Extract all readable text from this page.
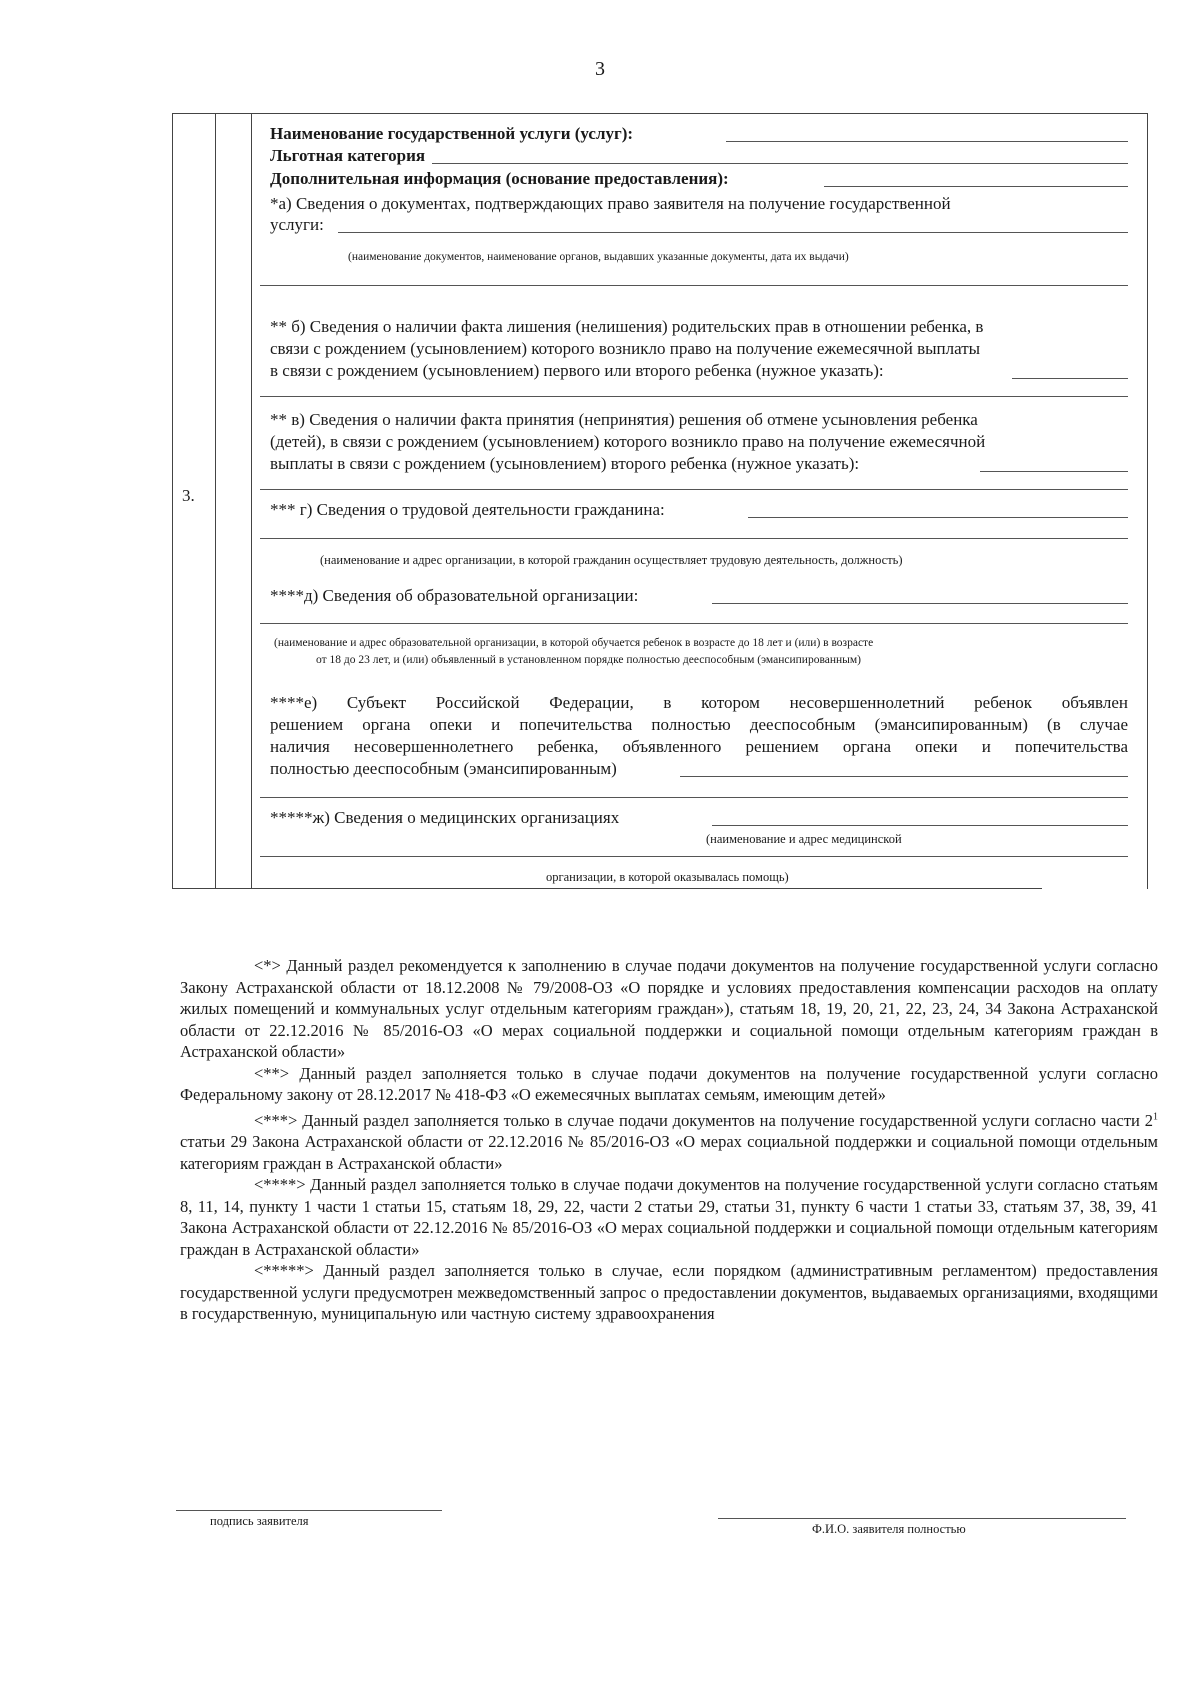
3
3.
Наименование государственной услуги (услуг):
Льготная категория
Дополнительная информация (основание предоставления):
*а) Сведения о документах, подтверждающих право заявителя на получение государственной
услуги:
(наименование документов, наименование органов, выдавших указанные документы, дата их выдачи)
** б) Сведения о наличии факта лишения (нелишения) родительских прав в отношении ребенка, в
связи с рождением (усыновлением) которого возникло право на получение ежемесячной выплаты
в связи с рождением (усыновлением) первого или второго ребенка (нужное указать):
** в) Сведения о наличии факта принятия (непринятия) решения об отмене усыновления ребенка
(детей), в связи с рождением (усыновлением) которого возникло право на получение ежемесячной
выплаты в связи с рождением (усыновлением) второго ребенка (нужное указать):
*** г) Сведения о трудовой деятельности гражданина:
(наименование и адрес организации, в которой гражданин осуществляет трудовую деятельность, должность)
****д) Сведения об образовательной организации:
(наименование и адрес образовательной организации, в которой обучается ребенок в возрасте до 18 лет и (или) в возрасте
от 18 до 23 лет, и (или) объявленный в установленном порядке полностью дееспособным (эмансипированным)
****е) Субъект Российской Федерации, в котором несовершеннолетний ребенок объявлен
решением органа опеки и попечительства полностью дееспособным (эмансипированным) (в случае
наличия несовершеннолетнего ребенка, объявленного решением органа опеки и попечительства
полностью дееспособным (эмансипированным)
*****ж) Сведения о медицинских организациях
(наименование и адрес медицинской
организации, в которой оказывалась помощь)

<*> Данный раздел рекомендуется к заполнению в случае подачи документов на получение государственной услуги согласно Закону Астраханской области от 18.12.2008 № 79/2008-ОЗ «О порядке и условиях предоставления компенсации расходов на оплату жилых помещений и коммунальных услуг отдельным категориям граждан»), статьям 18, 19, 20, 21, 22, 23, 24, 34 Закона Астраханской области от 22.12.2016 № 85/2016-ОЗ «О мерах социальной поддержки и социальной помощи отдельным категориям граждан в Астраханской области»

<**> Данный раздел заполняется только в случае подачи документов на получение государственной услуги согласно Федеральному закону от 28.12.2017 № 418-ФЗ «О ежемесячных выплатах семьям, имеющим детей»

<***> Данный раздел заполняется только в случае подачи документов на получение государственной услуги согласно части $2^1$ статьи 29 Закона Астраханской области от 22.12.2016 № 85/2016-ОЗ «О мерах социальной поддержки и социальной помощи отдельным категориям граждан в Астраханской области»

<****> Данный раздел заполняется только в случае подачи документов на получение государственной услуги согласно статьям 8, 11, 14, пункту 1 части 1 статьи 15, статьям 18, 29, 22, части 2 статьи 29, статьи 31, пункту 6 части 1 статьи 33, статьям 37, 38, 39, 41 Закона Астраханской области от 22.12.2016 № 85/2016-ОЗ «О мерах социальной поддержки и социальной помощи отдельным категориям граждан в Астраханской области»

<*****> Данный раздел заполняется только в случае, если порядком (административным регламентом) предоставления государственной услуги предусмотрен межведомственный запрос о предоставлении документов, выдаваемых организациями, входящими в государственную, муниципальную или частную систему здравоохранения

подпись заявителя
Ф.И.О. заявителя полностью
